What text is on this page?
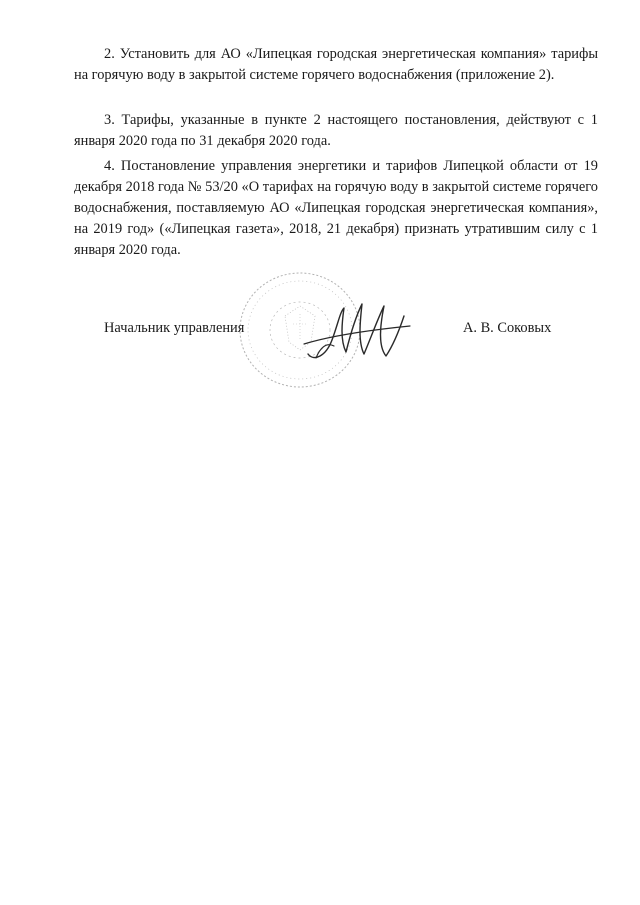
2. Установить для АО «Липецкая городская энергетическая компания» тарифы на горячую воду в закрытой системе горячего водоснабжения (приложение 2).

3. Тарифы, указанные в пункте 2 настоящего постановления, действуют с 1 января 2020 года по 31 декабря 2020 года.

4. Постановление управления энергетики и тарифов Липецкой области от 19 декабря 2018 года № 53/20 «О тарифах на горячую воду в закрытой системе горячего водоснабжения, поставляемую АО «Липецкая городская энергетическая компания», на 2019 год» («Липецкая газета», 2018, 21 декабря) признать утратившим силу с 1 января 2020 года.

Начальник управления	А. В. Соковых
